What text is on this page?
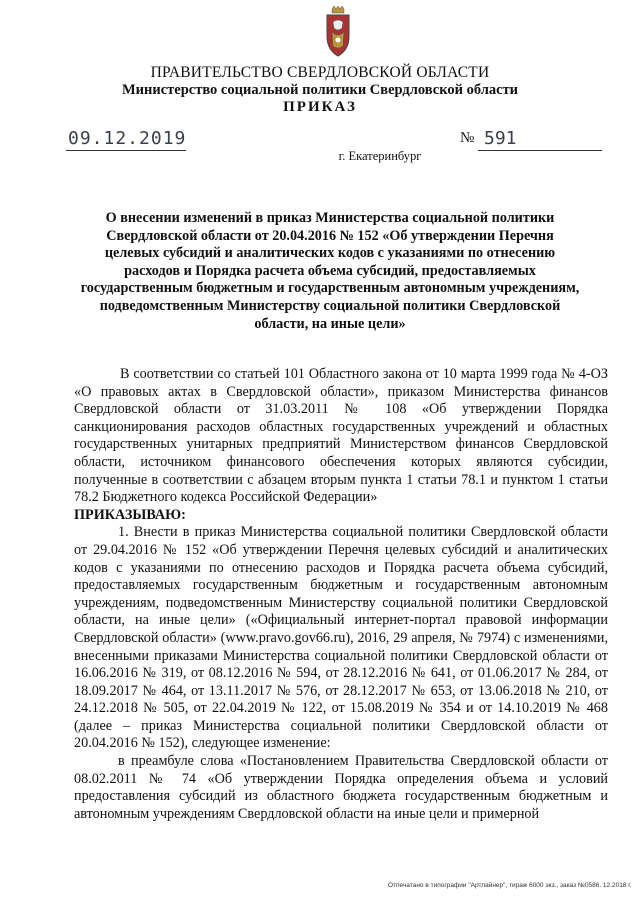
ПРАВИТЕЛЬСТВО СВЕРДЛОВСКОЙ ОБЛАСТИ
Министерство социальной политики Свердловской области
ПРИКАЗ
09.12.2019	№ 591
г. Екатеринбург
О внесении изменений в приказ Министерства социальной политики Свердловской области от 20.04.2016 № 152 «Об утверждении Перечня целевых субсидий и аналитических кодов с указаниями по отнесению расходов и Порядка расчета объема субсидий, предоставляемых государственным бюджетным и государственным автономным учреждениям, подведомственным Министерству социальной политики Свердловской области, на иные цели»

В соответствии со статьей 101 Областного закона от 10 марта 1999 года № 4-ОЗ «О правовых актах в Свердловской области», приказом Министерства финансов Свердловской области от 31.03.2011 № 108 «Об утверждении Порядка санкционирования расходов областных государственных учреждений и областных государственных унитарных предприятий Министерством финансов Свердловской области, источником финансового обеспечения которых являются субсидии, полученные в соответствии с абзацем вторым пункта 1 статьи 78.1 и пунктом 1 статьи 78.2 Бюджетного кодекса Российской Федерации»

ПРИКАЗЫВАЮ:

1. Внести в приказ Министерства социальной политики Свердловской области от 29.04.2016 № 152 «Об утверждении Перечня целевых субсидий и аналитических кодов с указаниями по отнесению расходов и Порядка расчета объема субсидий, предоставляемых государственным бюджетным и государственным автономным учреждениям, подведомственным Министерству социальной политики Свердловской области, на иные цели» («Официальный интернет-портал правовой информации Свердловской области» (www.pravo.gov66.ru), 2016, 29 апреля, № 7974) с изменениями, внесенными приказами Министерства социальной политики Свердловской области от 16.06.2016 № 319, от 08.12.2016 № 594, от 28.12.2016 № 641, от 01.06.2017 № 284, от 18.09.2017 № 464, от 13.11.2017 № 576, от 28.12.2017 № 653, от 13.06.2018 № 210, от 24.12.2018 № 505, от 22.04.2019 № 122, от 15.08.2019 № 354 и от 14.10.2019 № 468 (далее – приказ Министерства социальной политики Свердловской области от 20.04.2016 № 152), следующее изменение:

в преамбуле слова «Постановлением Правительства Свердловской области от 08.02.2011 № 74 «Об утверждении Порядка определения объема и условий предоставления субсидий из областного бюджета государственным бюджетным и автономным учреждениям Свердловской области на иные цели и примерной

Отпечатано в типографии "Артлайнер", тираж 6000 экз., заказ №0586. 12.2018 г.
